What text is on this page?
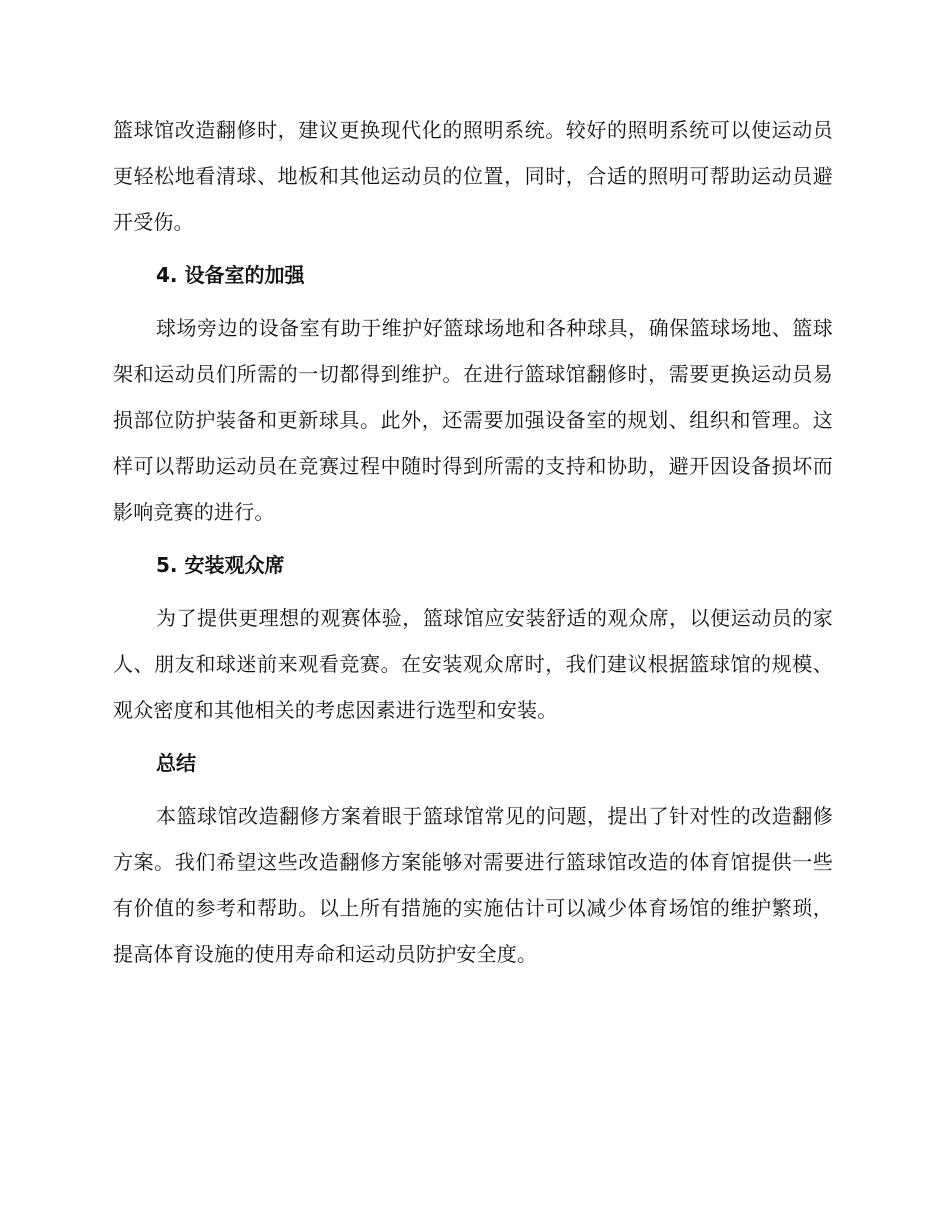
篮球馆改造翻修时，建议更换现代化的照明系统。较好的照明系统可以使运动员更轻松地看清球、地板和其他运动员的位置，同时，合适的照明可帮助运动员避开受伤。

4. 设备室的加强

球场旁边的设备室有助于维护好篮球场地和各种球具，确保篮球场地、篮球架和运动员们所需的一切都得到维护。在进行篮球馆翻修时，需要更换运动员易损部位防护装备和更新球具。此外，还需要加强设备室的规划、组织和管理。这样可以帮助运动员在竞赛过程中随时得到所需的支持和协助，避开因设备损坏而影响竞赛的进行。

5. 安装观众席

为了提供更理想的观赛体验，篮球馆应安装舒适的观众席，以便运动员的家人、朋友和球迷前来观看竞赛。在安装观众席时，我们建议根据篮球馆的规模、观众密度和其他相关的考虑因素进行选型和安装。

总结

本篮球馆改造翻修方案着眼于篮球馆常见的问题，提出了针对性的改造翻修方案。我们希望这些改造翻修方案能够对需要进行篮球馆改造的体育馆提供一些有价值的参考和帮助。以上所有措施的实施估计可以减少体育场馆的维护繁琐，提高体育设施的使用寿命和运动员防护安全度。
